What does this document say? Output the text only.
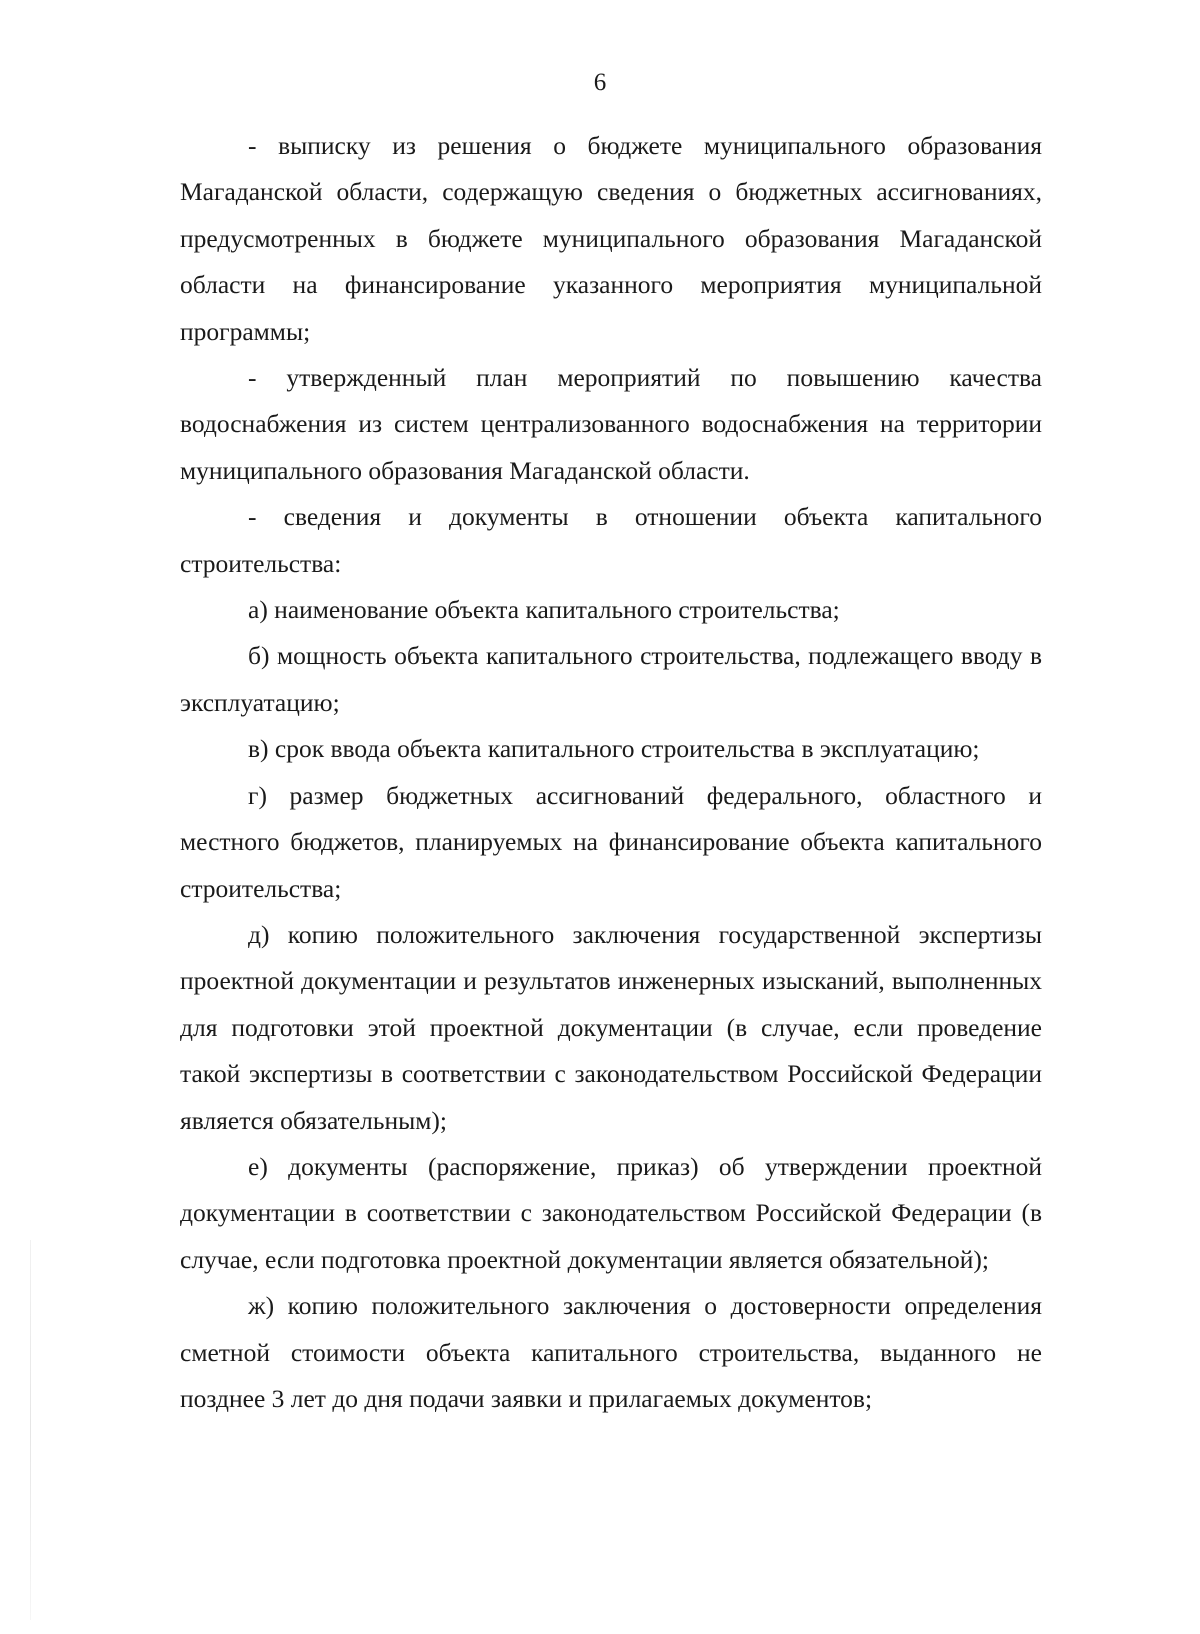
6

- выписку из решения о бюджете муниципального образования Магаданской области, содержащую сведения о бюджетных ассигнованиях, предусмотренных в бюджете муниципального образования Магаданской области на финансирование указанного мероприятия муниципальной программы;

- утвержденный план мероприятий по повышению качества водоснабжения из систем централизованного водоснабжения на территории муниципального образования Магаданской области.

- сведения и документы в отношении объекта капитального строительства:

а) наименование объекта капитального строительства;

б) мощность объекта капитального строительства, подлежащего вводу в эксплуатацию;

в) срок ввода объекта капитального строительства в эксплуатацию;

г) размер бюджетных ассигнований федерального, областного и местного бюджетов, планируемых на финансирование объекта капитального строительства;

д) копию положительного заключения государственной экспертизы проектной документации и результатов инженерных изысканий, выполненных для подготовки этой проектной документации (в случае, если проведение такой экспертизы в соответствии с законодательством Российской Федерации является обязательным);

е) документы (распоряжение, приказ) об утверждении проектной документации в соответствии с законодательством Российской Федерации (в случае, если подготовка проектной документации является обязательной);

ж) копию положительного заключения о достоверности определения сметной стоимости объекта капитального строительства, выданного не позднее 3 лет до дня подачи заявки и прилагаемых документов;
